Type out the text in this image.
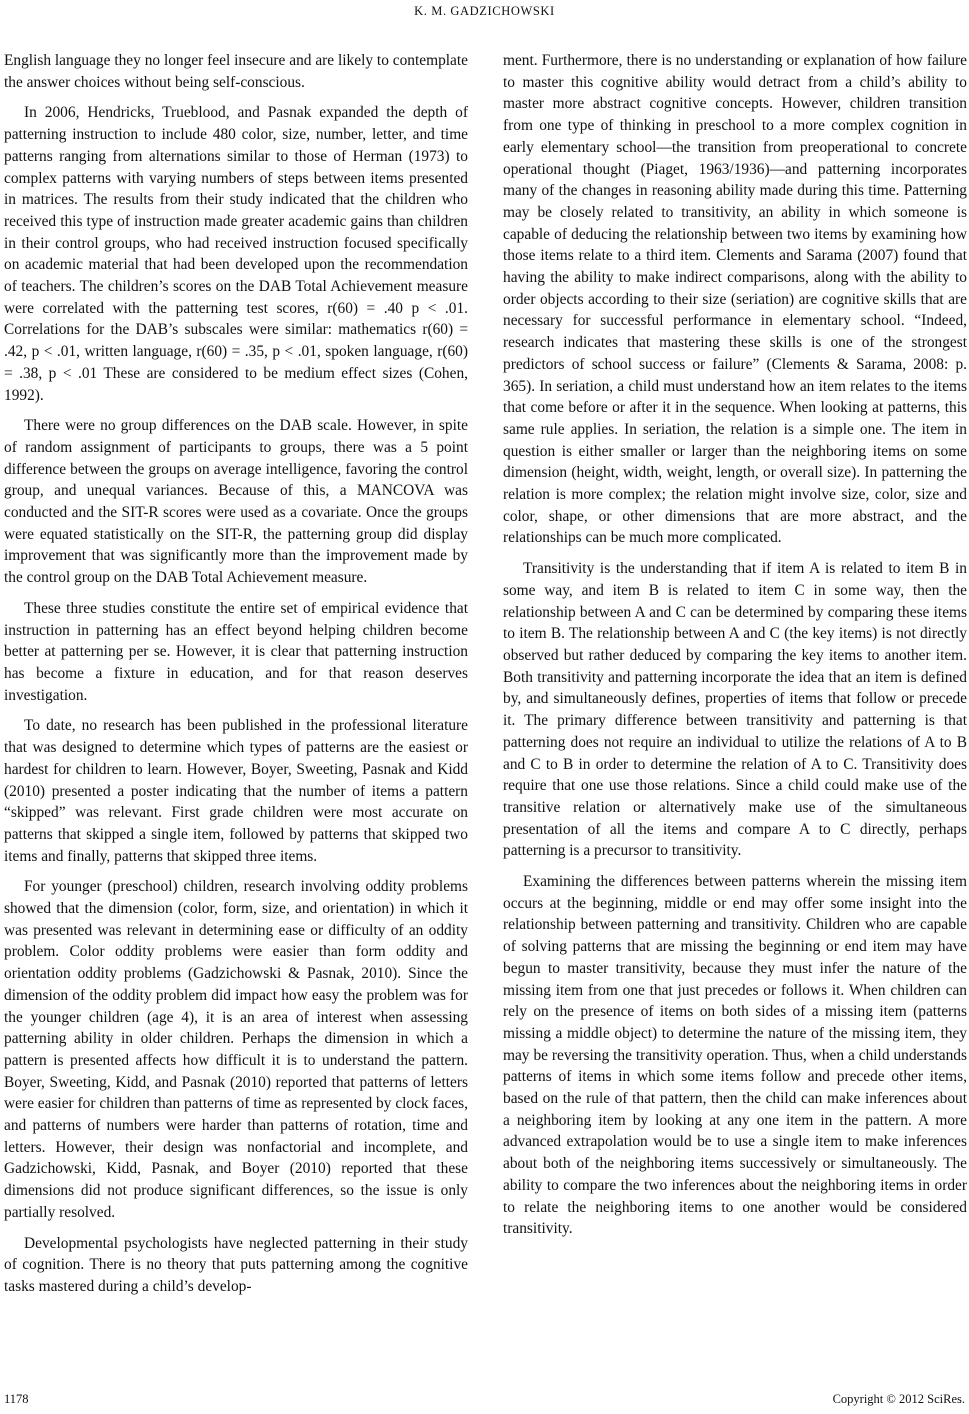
K. M. GADZICHOWSKI

English language they no longer feel insecure and are likely to contemplate the answer choices without being self-conscious.

In 2006, Hendricks, Trueblood, and Pasnak expanded the depth of patterning instruction to include 480 color, size, number, letter, and time patterns ranging from alternations similar to those of Herman (1973) to complex patterns with varying numbers of steps between items presented in matrices. The results from their study indicated that the children who received this type of instruction made greater academic gains than children in their control groups, who had received instruction focused specifically on academic material that had been developed upon the recommendation of teachers. The children’s scores on the DAB Total Achievement measure were correlated with the patterning test scores, r(60) = .40 p < .01. Correlations for the DAB’s subscales were similar: mathematics r(60) = .42, p < .01, written language, r(60) = .35, p < .01, spoken language, r(60) = .38, p < .01 These are considered to be medium effect sizes (Cohen, 1992).

There were no group differences on the DAB scale. However, in spite of random assignment of participants to groups, there was a 5 point difference between the groups on average intelligence, favoring the control group, and unequal variances. Because of this, a MANCOVA was conducted and the SIT-R scores were used as a covariate. Once the groups were equated statistically on the SIT-R, the patterning group did display improvement that was significantly more than the improvement made by the control group on the DAB Total Achievement measure.

These three studies constitute the entire set of empirical evidence that instruction in patterning has an effect beyond helping children become better at patterning per se. However, it is clear that patterning instruction has become a fixture in education, and for that reason deserves investigation.

To date, no research has been published in the professional literature that was designed to determine which types of patterns are the easiest or hardest for children to learn. However, Boyer, Sweeting, Pasnak and Kidd (2010) presented a poster indicating that the number of items a pattern “skipped” was relevant. First grade children were most accurate on patterns that skipped a single item, followed by patterns that skipped two items and finally, patterns that skipped three items.

For younger (preschool) children, research involving oddity problems showed that the dimension (color, form, size, and orientation) in which it was presented was relevant in determining ease or difficulty of an oddity problem. Color oddity problems were easier than form oddity and orientation oddity problems (Gadzichowski & Pasnak, 2010). Since the dimension of the oddity problem did impact how easy the problem was for the younger children (age 4), it is an area of interest when assessing patterning ability in older children. Perhaps the dimension in which a pattern is presented affects how difficult it is to understand the pattern. Boyer, Sweeting, Kidd, and Pasnak (2010) reported that patterns of letters were easier for children than patterns of time as represented by clock faces, and patterns of numbers were harder than patterns of rotation, time and letters. However, their design was nonfactorial and incomplete, and Gadzichowski, Kidd, Pasnak, and Boyer (2010) reported that these dimensions did not produce significant differences, so the issue is only partially resolved.

Developmental psychologists have neglected patterning in their study of cognition. There is no theory that puts patterning among the cognitive tasks mastered during a child’s develop-

ment. Furthermore, there is no understanding or explanation of how failure to master this cognitive ability would detract from a child’s ability to master more abstract cognitive concepts. However, children transition from one type of thinking in preschool to a more complex cognition in early elementary school—the transition from preoperational to concrete operational thought (Piaget, 1963/1936)—and patterning incorporates many of the changes in reasoning ability made during this time. Patterning may be closely related to transitivity, an ability in which someone is capable of deducing the relationship between two items by examining how those items relate to a third item. Clements and Sarama (2007) found that having the ability to make indirect comparisons, along with the ability to order objects according to their size (seriation) are cognitive skills that are necessary for successful performance in elementary school. “Indeed, research indicates that mastering these skills is one of the strongest predictors of school success or failure” (Clements & Sarama, 2008: p. 365). In seriation, a child must understand how an item relates to the items that come before or after it in the sequence. When looking at patterns, this same rule applies. In seriation, the relation is a simple one. The item in question is either smaller or larger than the neighboring items on some dimension (height, width, weight, length, or overall size). In patterning the relation is more complex; the relation might involve size, color, size and color, shape, or other dimensions that are more abstract, and the relationships can be much more complicated.

Transitivity is the understanding that if item A is related to item B in some way, and item B is related to item C in some way, then the relationship between A and C can be determined by comparing these items to item B. The relationship between A and C (the key items) is not directly observed but rather deduced by comparing the key items to another item. Both transitivity and patterning incorporate the idea that an item is defined by, and simultaneously defines, properties of items that follow or precede it. The primary difference between transitivity and patterning is that patterning does not require an individual to utilize the relations of A to B and C to B in order to determine the relation of A to C. Transitivity does require that one use those relations. Since a child could make use of the transitive relation or alternatively make use of the simultaneous presentation of all the items and compare A to C directly, perhaps patterning is a precursor to transitivity.

Examining the differences between patterns wherein the missing item occurs at the beginning, middle or end may offer some insight into the relationship between patterning and transitivity. Children who are capable of solving patterns that are missing the beginning or end item may have begun to master transitivity, because they must infer the nature of the missing item from one that just precedes or follows it. When children can rely on the presence of items on both sides of a missing item (patterns missing a middle object) to determine the nature of the missing item, they may be reversing the transitivity operation. Thus, when a child understands patterns of items in which some items follow and precede other items, based on the rule of that pattern, then the child can make inferences about a neighboring item by looking at any one item in the pattern. A more advanced extrapolation would be to use a single item to make inferences about both of the neighboring items successively or simultaneously. The ability to compare the two inferences about the neighboring items in order to relate the neighboring items to one another would be considered transitivity.

1178	Copyright © 2012 SciRes.
